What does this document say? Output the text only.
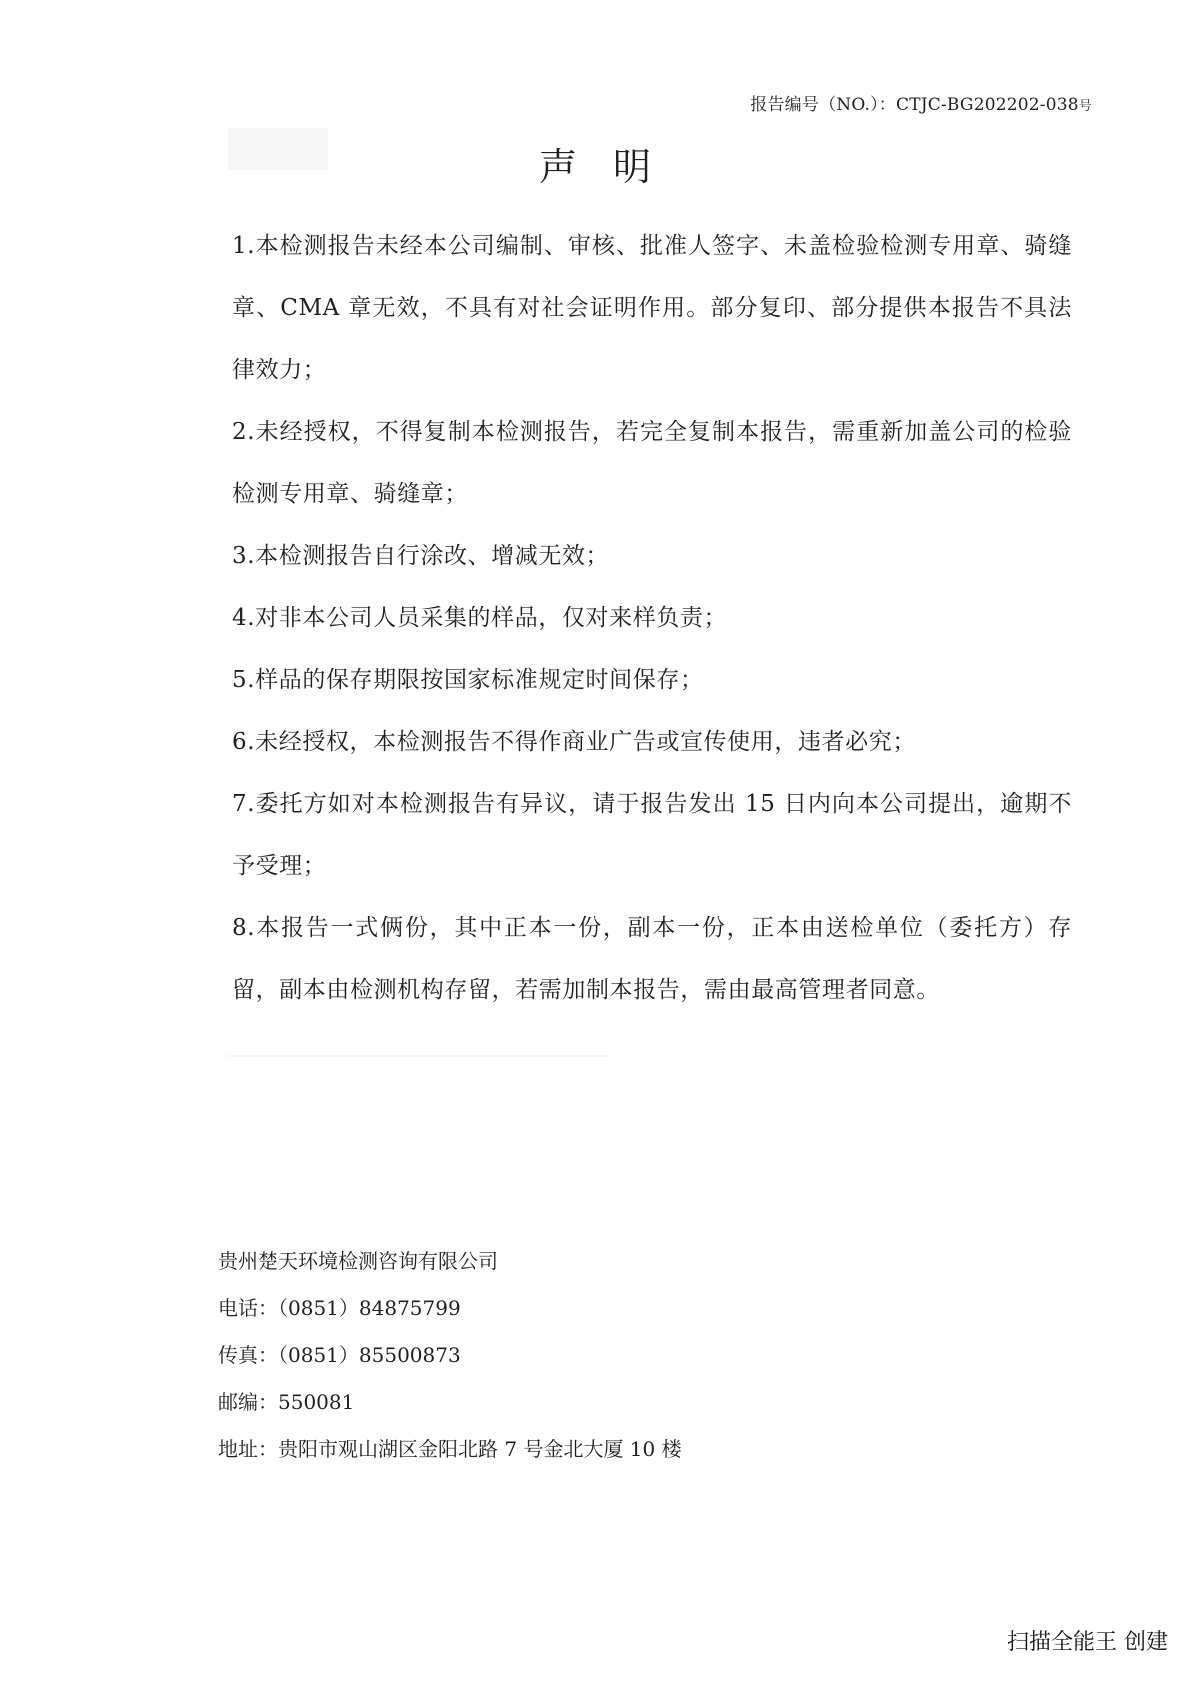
报告编号（NO.）：CTJC-BG202202-038号
声明

1.本检测报告未经本公司编制、审核、批准人签字、未盖检验检测专用章、骑缝章、CMA 章无效，不具有对社会证明作用。部分复印、部分提供本报告不具法律效力；

2.未经授权，不得复制本检测报告，若完全复制本报告，需重新加盖公司的检验检测专用章、骑缝章；

3.本检测报告自行涂改、增减无效；

4.对非本公司人员采集的样品，仅对来样负责；

5.样品的保存期限按国家标准规定时间保存；

6.未经授权，本检测报告不得作商业广告或宣传使用，违者必究；

7.委托方如对本检测报告有异议，请于报告发出 15 日内向本公司提出，逾期不予受理；

8.本报告一式俩份，其中正本一份，副本一份，正本由送检单位（委托方）存留，副本由检测机构存留，若需加制本报告，需由最高管理者同意。

贵州楚天环境检测咨询有限公司
电话：（0851）84875799
传真：（0851）85500873
邮编：550081
地址：贵阳市观山湖区金阳北路 7 号金北大厦 10 楼
扫描全能王 创建
